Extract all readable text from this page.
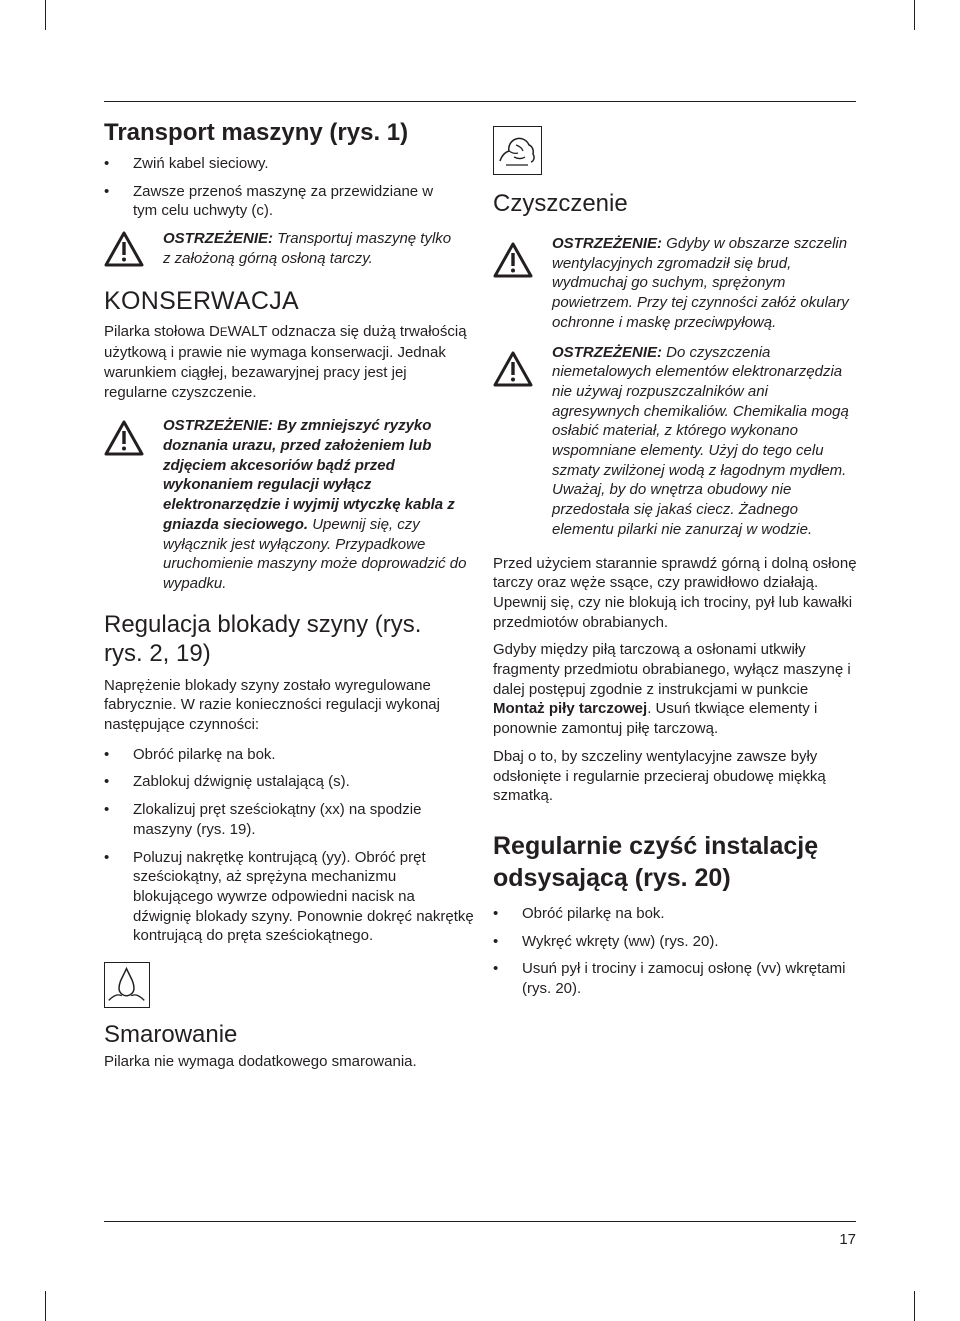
Transport maszyny (rys. 1)
• Zwiń kabel sieciowy.
• Zawsze przenoś maszynę za przewidziane w tym celu uchwyty (c).

OSTRZEŻENIE: Transportuj maszynę tylko z założoną górną osłoną tarczy.

KONSERWACJA

Pilarka stołowa DEWALT odznacza się dużą trwałością użytkową i prawie nie wymaga konserwacji. Jednak warunkiem ciągłej, bezawaryjnej pracy jest jej regularne czyszczenie.

OSTRZEŻENIE: By zmniejszyć ryzyko doznania urazu, przed założeniem lub zdjęciem akcesoriów bądź przed wykonaniem regulacji wyłącz elektronarzędzie i wyjmij wtyczkę kabla z gniazda sieciowego. Upewnij się, czy wyłącznik jest wyłączony. Przypadkowe uruchomienie maszyny może doprowadzić do wypadku.

Regulacja blokady szyny (rys. rys. 2, 19)

Naprężenie blokady szyny zostało wyregulowane fabrycznie. W razie konieczności regulacji wykonaj następujące czynności:

• Obróć pilarkę na bok.
• Zablokuj dźwignię ustalającą (s).
• Zlokalizuj pręt sześciokątny (xx) na spodzie maszyny (rys. 19).
• Poluzuj nakrętkę kontrującą (yy). Obróć pręt sześciokątny, aż sprężyna mechanizmu blokującego wywrze odpowiedni nacisk na dźwignię blokady szyny. Ponownie dokręć nakrętkę kontrującą do pręta sześciokątnego.
Smarowanie

Pilarka nie wymaga dodatkowego smarowania.

Czyszczenie

OSTRZEŻENIE: Gdyby w obszarze szczelin wentylacyjnych zgromadził się brud, wydmuchaj go suchym, sprężonym powietrzem. Przy tej czynności załóż okulary ochronne i maskę przeciwpyłową.

OSTRZEŻENIE: Do czyszczenia niemetalowych elementów elektronarzędzia nie używaj rozpuszczalników ani agresywnych chemikaliów. Chemikalia mogą osłabić materiał, z którego wykonano wspomniane elementy. Użyj do tego celu szmaty zwilżonej wodą z łagodnym mydłem. Uważaj, by do wnętrza obudowy nie przedostała się jakaś ciecz. Żadnego elementu pilarki nie zanurzaj w wodzie.

Przed użyciem starannie sprawdź górną i dolną osłonę tarczy oraz węże ssące, czy prawidłowo działają. Upewnij się, czy nie blokują ich trociny, pył lub kawałki przedmiotów obrabianych.

Gdyby między piłą tarczową a osłonami utkwiły fragmenty przedmiotu obrabianego, wyłącz maszynę i dalej postępuj zgodnie z instrukcjami w punkcie Montaż piły tarczowej. Usuń tkwiące elementy i ponownie zamontuj piłę tarczową.

Dbaj o to, by szczeliny wentylacyjne zawsze były odsłonięte i regularnie przecieraj obudowę miękką szmatką.

Regularnie czyść instalację odsysającą (rys. 20)
• Obróć pilarkę na bok.
• Wykręć wkręty (ww) (rys. 20).
• Usuń pył i trociny i zamocuj osłonę (vv) wkrętami (rys. 20).
17
